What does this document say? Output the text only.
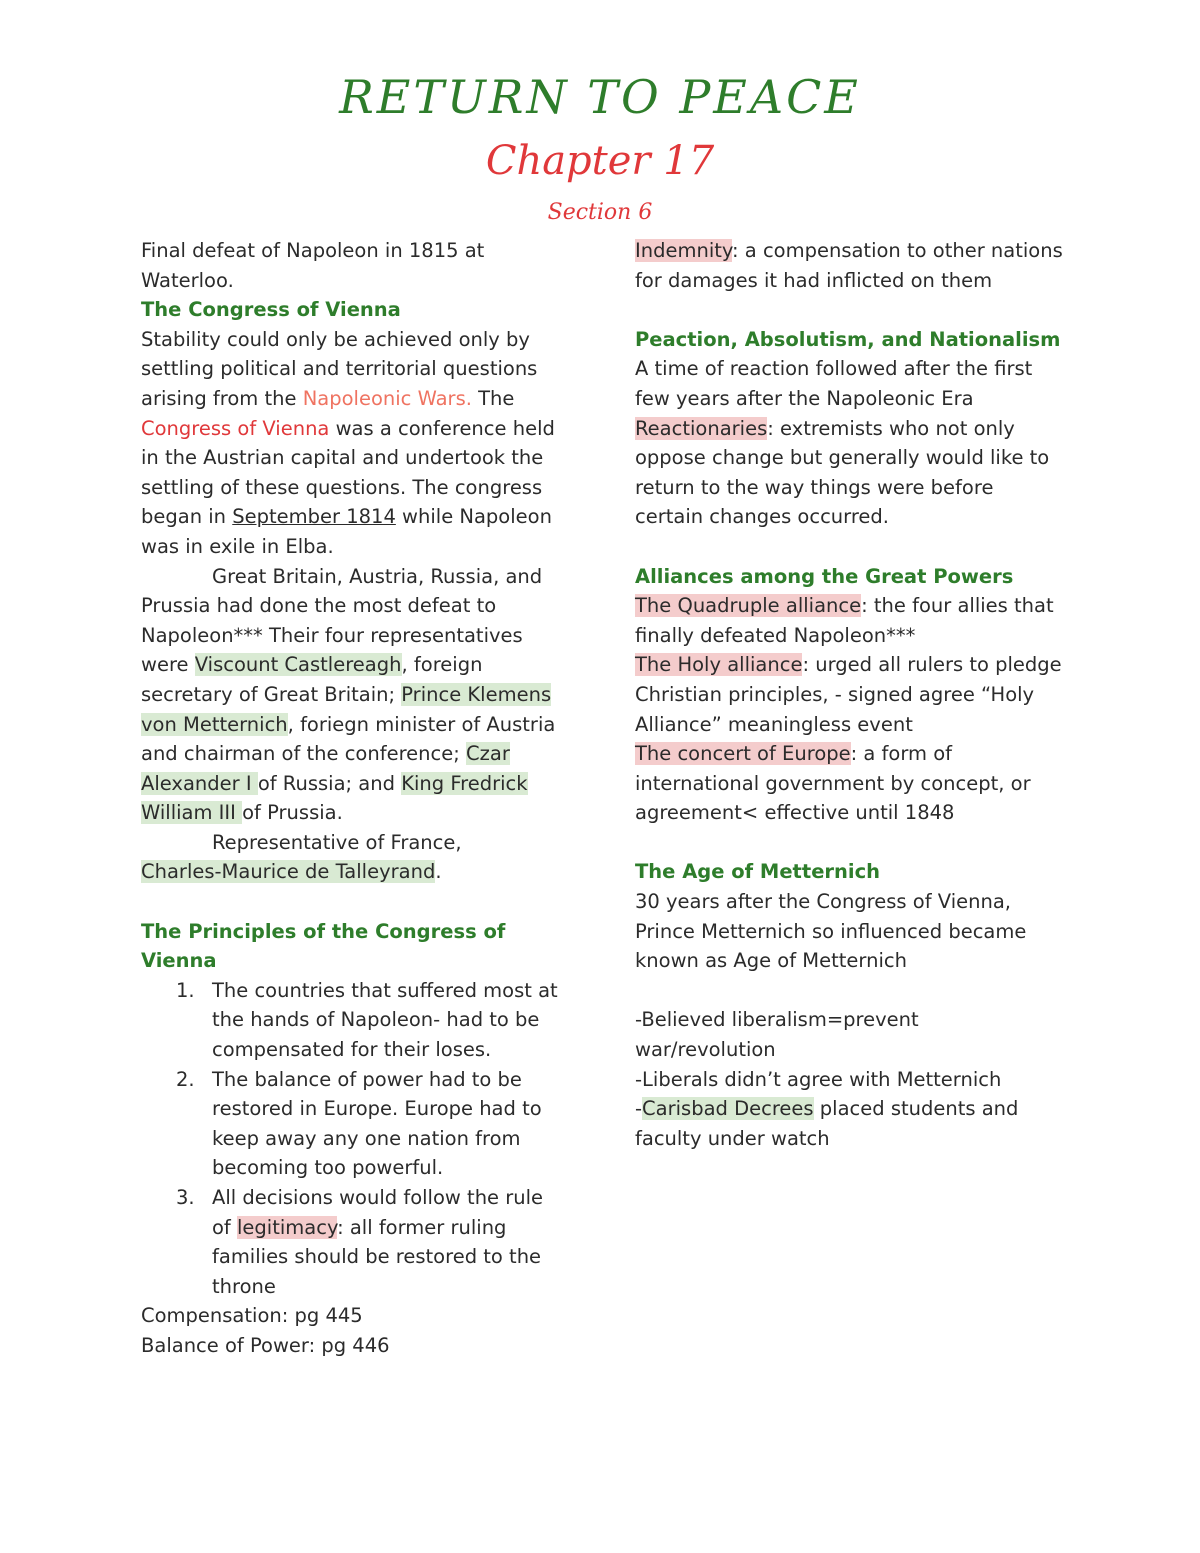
RETURN TO PEACE
Chapter 17
Section 6

Final defeat of Napoleon in 1815 at Waterloo.

The Congress of Vienna

Stability could only be achieved only by settling political and territorial questions arising from the Napoleonic Wars. The Congress of Vienna was a conference held in the Austrian capital and undertook the settling of these questions. The congress began in September 1814 while Napoleon was in exile in Elba.

Great Britain, Austria, Russia, and Prussia had done the most defeat to Napoleon*** Their four representatives were Viscount Castlereagh, foreign secretary of Great Britain; Prince Klemens von Metternich, foriegn minister of Austria and chairman of the conference; Czar Alexander I of Russia; and King Fredrick William III of Prussia.

Representative of France,

Charles-Maurice de Talleyrand.

The Principles of the Congress of Vienna

1. The countries that suffered most at the hands of Napoleon- had to be compensated for their loses.
2. The balance of power had to be restored in Europe. Europe had to keep away any one nation from becoming too powerful.
3. All decisions would follow the rule of legitimacy: all former ruling families should be restored to the throne

Compensation: pg 445

Balance of Power: pg 446

Indemnity: a compensation to other nations for damages it had inflicted on them

Peaction, Absolutism, and Nationalism

A time of reaction followed after the first few years after the Napoleonic Era

Reactionaries: extremists who not only oppose change but generally would like to return to the way things were before certain changes occurred.

Alliances among the Great Powers

The Quadruple alliance: the four allies that finally defeated Napoleon***

The Holy alliance: urged all rulers to pledge Christian principles, - signed agree “Holy Alliance” meaningless event

The concert of Europe: a form of international government by concept, or agreement< effective until 1848

The Age of Metternich

30 years after the Congress of Vienna, Prince Metternich so influenced became known as Age of Metternich

-Believed liberalism=prevent war/revolution

-Liberals didn’t agree with Metternich

-Carisbad Decrees placed students and faculty under watch
